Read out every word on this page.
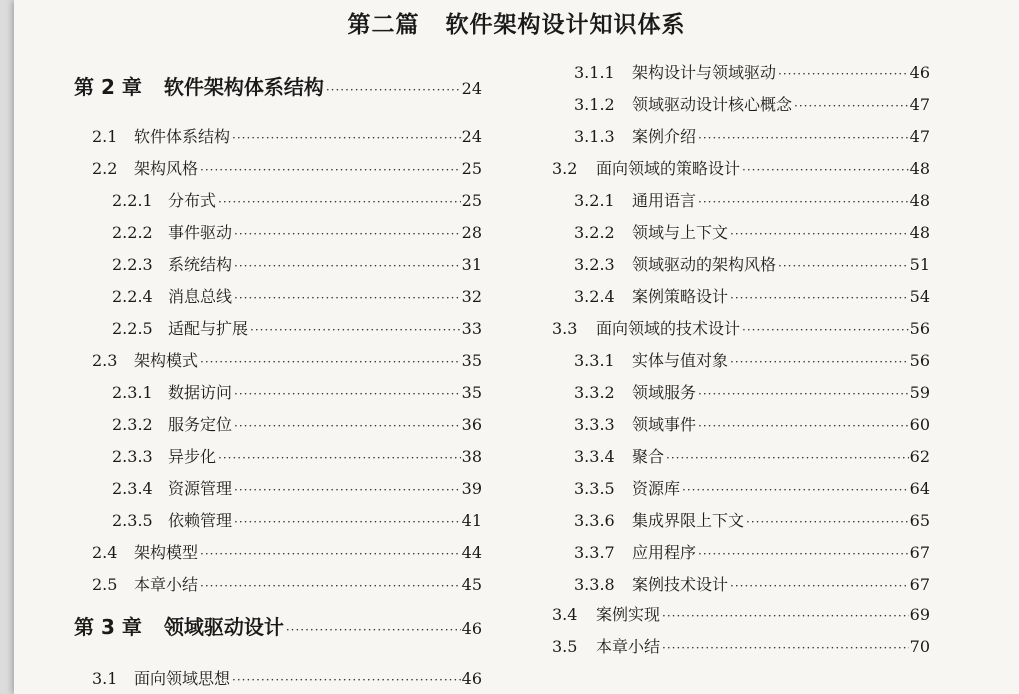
第二篇 软件架构设计知识体系
第 2 章 软件架构体系结构 ·····	24
2.1	软件体系结构 ·····	24
2.2	架构风格 ·····	25
2.2.1 分布式 ·····	25
2.2.2 事件驱动 ·····	28
2.2.3 系统结构 ·····	31
2.2.4 消息总线 ·····	32
2.2.5 适配与扩展 ·····	33
2.3	架构模式 ·····	35
2.3.1 数据访问 ·····	35
2.3.2 服务定位 ·····	36
2.3.3 异步化 ·····	38
2.3.4 资源管理 ·····	39
2.3.5 依赖管理 ·····	41
2.4	架构模型 ·····	44
2.5	本章小结 ·····	45
第 3 章 领域驱动设计 ·····	46
3.1	面向领域思想 ·····	46
3.1.1	架构设计与领域驱动 ·····	46
3.1.2	领域驱动设计核心概念 ·····	47
3.1.3	案例介绍 ·····	47
3.2	面向领域的策略设计 ·····	48
3.2.1	通用语言 ·····	48
3.2.2	领域与上下文 ·····	48
3.2.3	领域驱动的架构风格 ·····	51
3.2.4	案例策略设计 ·····	54
3.3	面向领域的技术设计 ·····	56
3.3.1	实体与值对象 ·····	56
3.3.2	领域服务 ·····	59
3.3.3	领域事件 ·····	60
3.3.4	聚合 ·····	62
3.3.5	资源库 ·····	64
3.3.6	集成界限上下文 ·····	65
3.3.7	应用程序 ·····	67
3.3.8	案例技术设计 ·····	67
3.4	案例实现 ·····	69
3.5	本章小结 ·····	70
